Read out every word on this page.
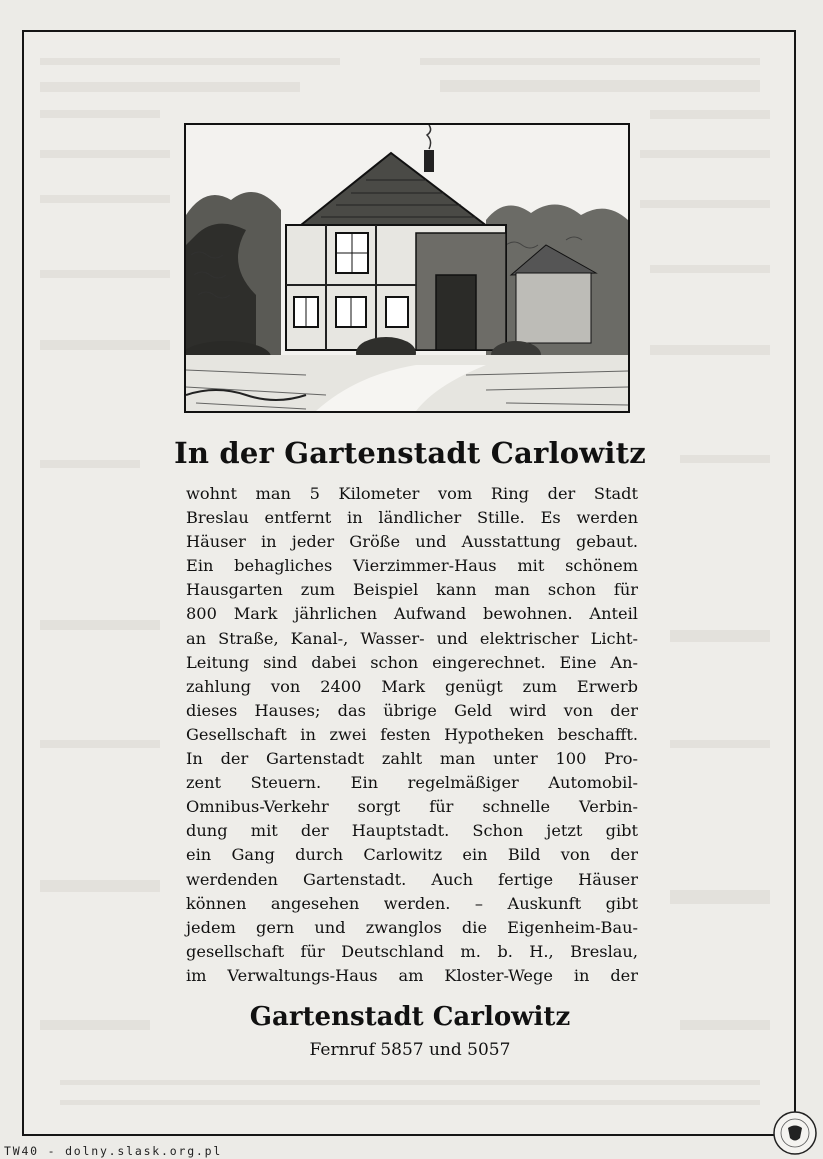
In der Gartenstadt Carlowitz
wohnt man 5 Kilometer vom Ring der Stadt
Breslau entfernt in ländlicher Stille. Es werden
Häuser in jeder Größe und Ausstattung gebaut.
Ein behagliches Vierzimmer-Haus mit schönem
Hausgarten zum Beispiel kann man schon für
800 Mark jährlichen Aufwand bewohnen. Anteil
an Straße, Kanal-, Wasser- und elektrischer Licht-
Leitung sind dabei schon eingerechnet. Eine An-
zahlung von 2400 Mark genügt zum Erwerb
dieses Hauses; das übrige Geld wird von der
Gesellschaft in zwei festen Hypotheken beschafft.
In der Gartenstadt zahlt man unter 100 Pro-
zent Steuern. Ein regelmäßiger Automobil-
Omnibus-Verkehr sorgt für schnelle Verbin-
dung mit der Hauptstadt. Schon jetzt gibt
ein Gang durch Carlowitz ein Bild von der
werdenden Gartenstadt. Auch fertige Häuser
können angesehen werden. – Auskunft gibt
jedem gern und zwanglos die Eigenheim-Bau-
gesellschaft für Deutschland m. b. H., Breslau,
im Verwaltungs-Haus am Kloster-Wege in der
Gartenstadt Carlowitz
Fernruf 5857 und 5057
TW40 - dolny.slask.org.pl
